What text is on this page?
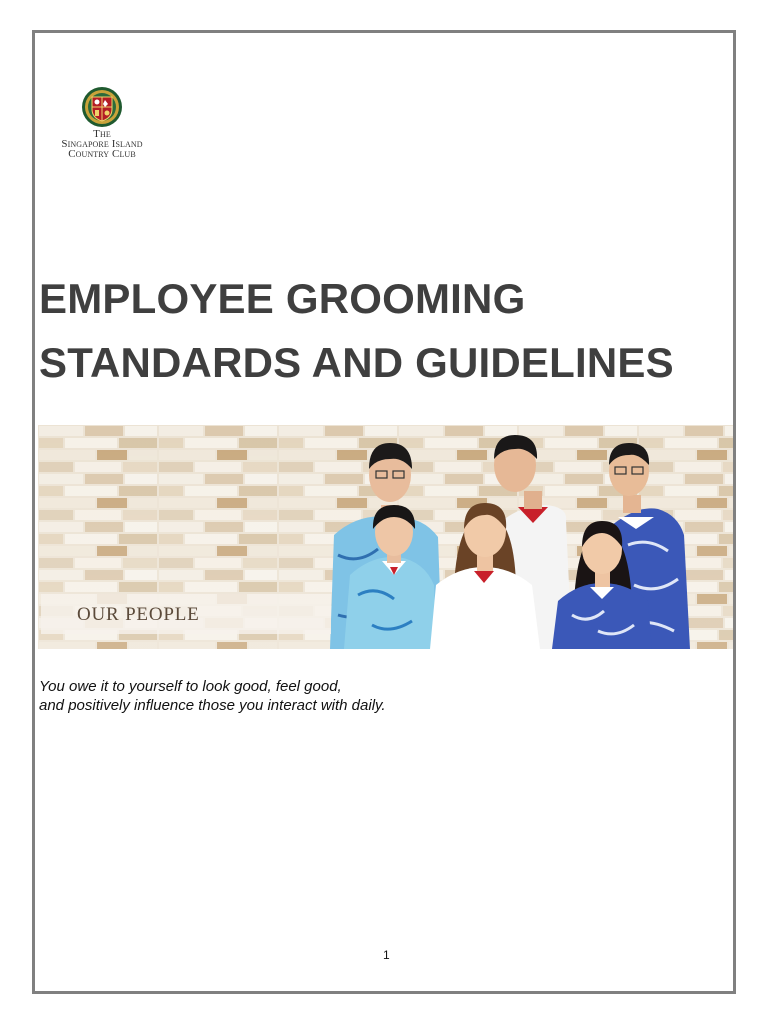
The
Singapore Island
Country Club
EMPLOYEE GROOMING
STANDARDS AND GUIDELINES
OUR PEOPLE
You owe it to yourself to look good, feel good,
and positively influence those you interact with daily.
1
